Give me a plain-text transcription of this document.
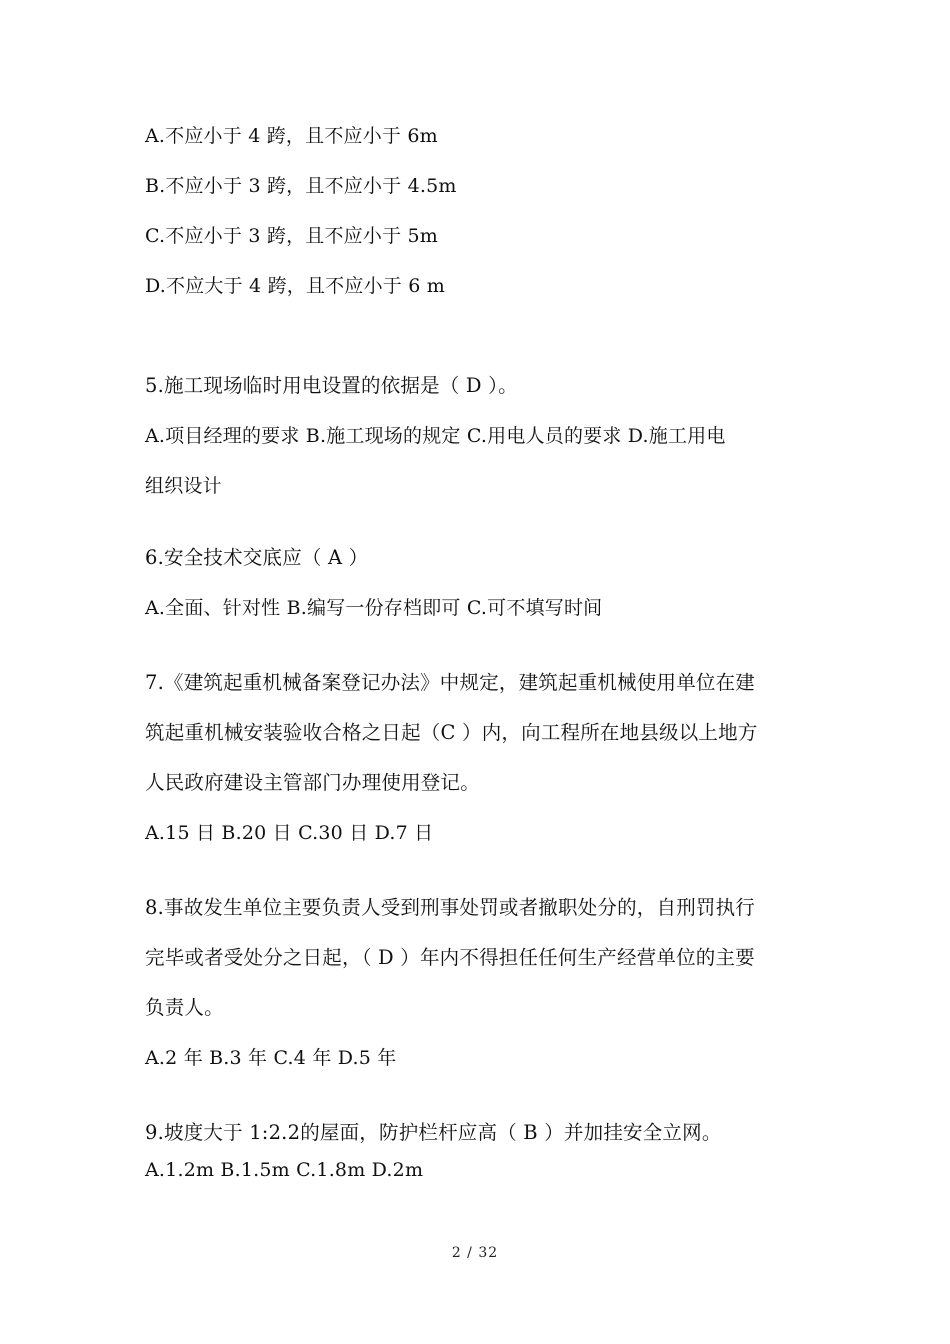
A.不应小于 4 跨，且不应小于 6m
B.不应小于 3 跨，且不应小于 4.5m
C.不应小于 3 跨，且不应小于 5m
D.不应大于 4 跨，且不应小于 6 m
5.施工现场临时用电设置的依据是（ D ）。
A.项目经理的要求 B.施工现场的规定 C.用电人员的要求 D.施工用电
组织设计
6.安全技术交底应（ A ）
A.全面、针对性 B.编写一份存档即可 C.可不填写时间
7.《建筑起重机械备案登记办法》中规定，建筑起重机械使用单位在建
筑起重机械安装验收合格之日起（C ）内，向工程所在地县级以上地方
人民政府建设主管部门办理使用登记。
A.15 日 B.20 日 C.30 日 D.7 日
8.事故发生单位主要负责人受到刑事处罚或者撤职处分的，自刑罚执行
完毕或者受处分之日起，（ D ）年内不得担任任何生产经营单位的主要
负责人。
A.2 年 B.3 年 C.4 年 D.5 年
9.坡度大于 1:2.2的屋面，防护栏杆应高（ B ）并加挂安全立网。
A.1.2m B.1.5m C.1.8m D.2m
2 / 32
